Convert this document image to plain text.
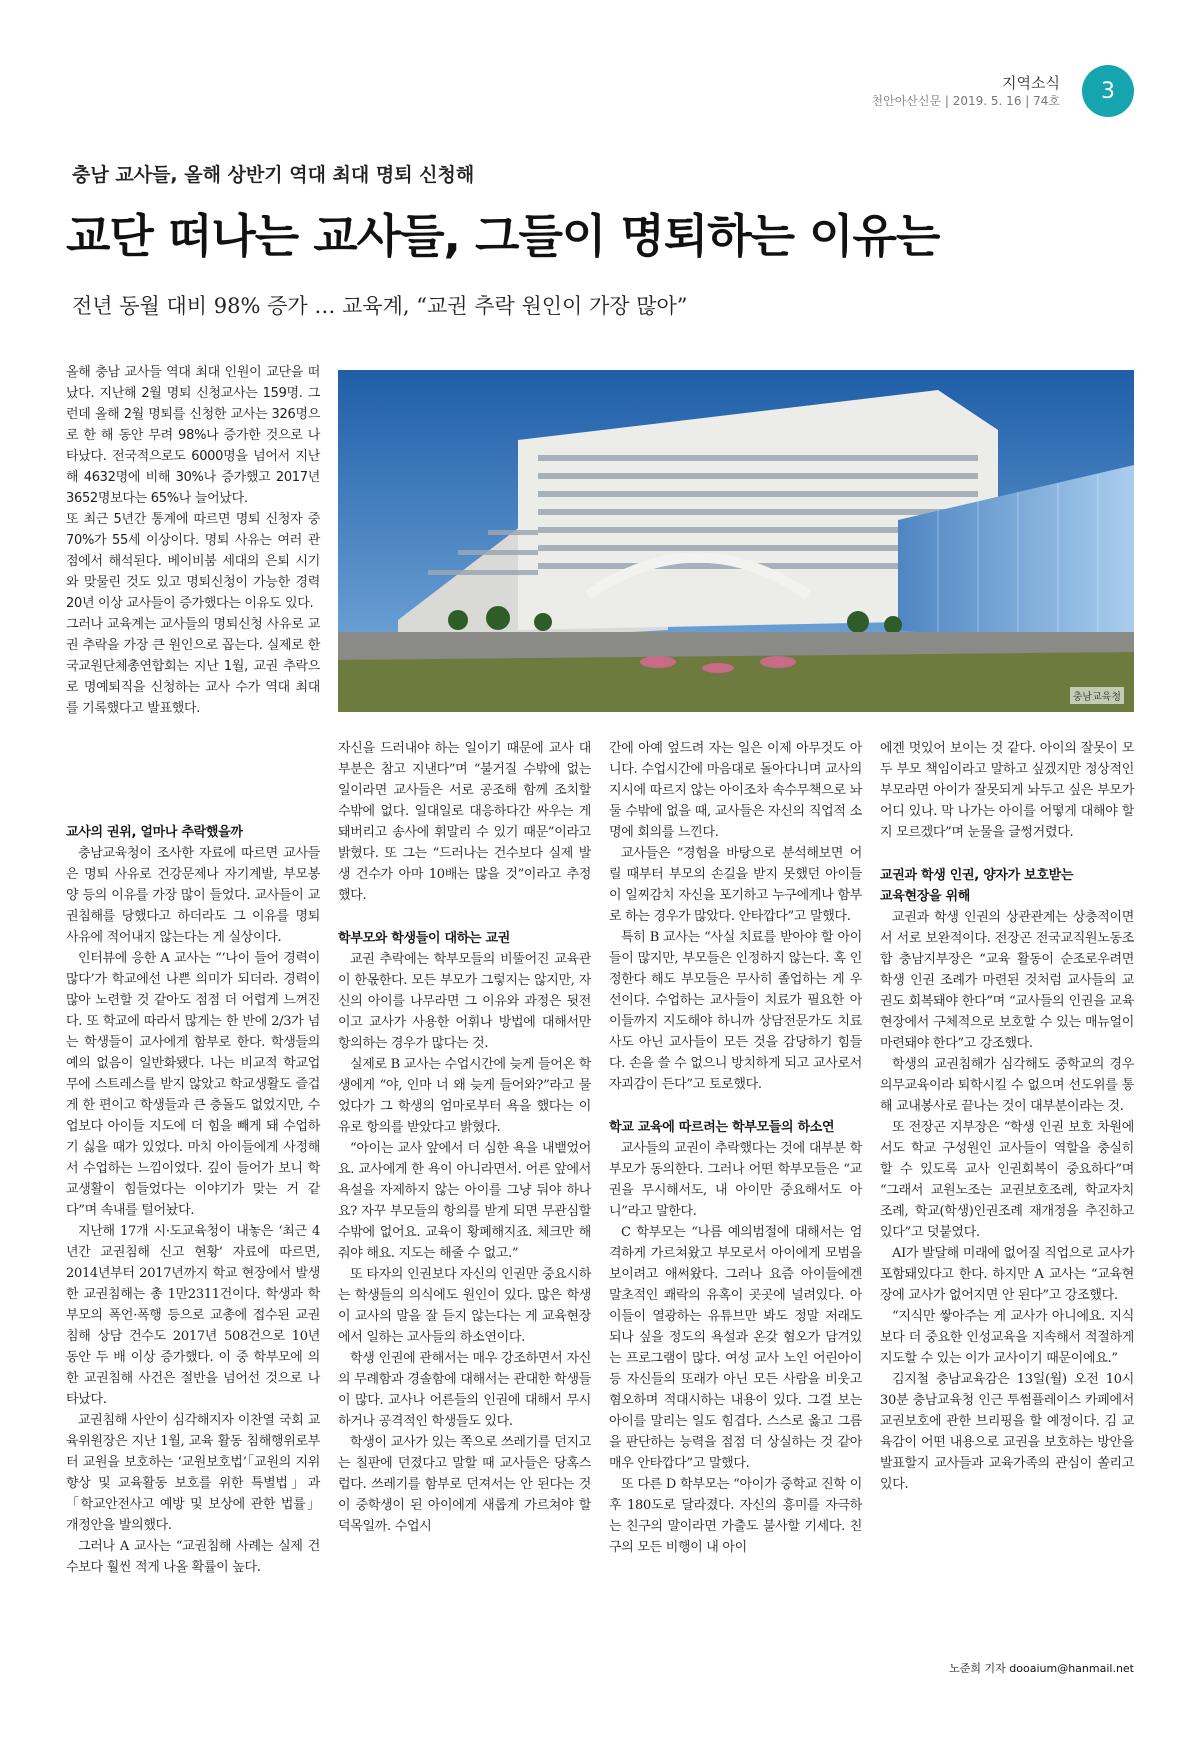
지역소식
천안아산신문 | 2019. 5. 16 | 74호	3
충남 교사들, 올해 상반기 역대 최대 명퇴 신청해
교단 떠나는 교사들, 그들이 명퇴하는 이유는
전년 동월 대비 98% 증가 … 교육계, “교권 추락 원인이 가장 많아”

올해 충남 교사들 역대 최대 인원이 교단을 떠났다. 지난해 2월 명퇴 신청교사는 159명. 그런데 올해 2월 명퇴를 신청한 교사는 326명으로 한 해 동안 무려 98%나 증가한 것으로 나타났다. 전국적으로도 6000명을 넘어서 지난해 4632명에 비해 30%나 증가했고 2017년 3652명보다는 65%나 늘어났다.

또 최근 5년간 통계에 따르면 명퇴 신청자 중 70%가 55세 이상이다. 명퇴 사유는 여러 관점에서 해석된다. 베이비붐 세대의 은퇴 시기와 맞물린 것도 있고 명퇴신청이 가능한 경력 20년 이상 교사들이 증가했다는 이유도 있다.

그러나 교육계는 교사들의 명퇴신청 사유로 교권 추락을 가장 큰 원인으로 꼽는다. 실제로 한국교원단체총연합회는 지난 1월, 교권 추락으로 명예퇴직을 신청하는 교사 수가 역대 최대를 기록했다고 발표했다.

충남교육청
교사의 권위, 얼마나 추락했을까

충남교육청이 조사한 자료에 따르면 교사들은 명퇴 사유로 건강문제나 자기계발, 부모봉양 등의 이유를 가장 많이 들었다. 교사들이 교권침해를 당했다고 하더라도 그 이유를 명퇴 사유에 적어내지 않는다는 게 실상이다.

인터뷰에 응한 A 교사는 “‘나이 들어 경력이 많다’가 학교에선 나쁜 의미가 되더라. 경력이 많아 노련할 것 같아도 점점 더 어렵게 느껴진다. 또 학교에 따라서 많게는 한 반에 2/3가 넘는 학생들이 교사에게 함부로 한다. 학생들의 예의 없음이 일반화됐다. 나는 비교적 학교업무에 스트레스를 받지 않았고 학교생활도 즐겁게 한 편이고 학생들과 큰 충돌도 없었지만, 수업보다 아이들 지도에 더 힘을 빼게 돼 수업하기 싫을 때가 있었다. 마치 아이들에게 사정해서 수업하는 느낌이었다. 깊이 들어가 보니 학교생활이 힘들었다는 이야기가 맞는 거 같다”며 속내를 털어놨다.

지난해 17개 시·도교육청이 내놓은 ‘최근 4년간 교권침해 신고 현황’ 자료에 따르면, 2014년부터 2017년까지 학교 현장에서 발생한 교권침해는 총 1만2311건이다. 학생과 학부모의 폭언·폭행 등으로 교총에 접수된 교권침해 상담 건수도 2017년 508건으로 10년 동안 두 배 이상 증가했다. 이 중 학부모에 의한 교권침해 사건은 절반을 넘어선 것으로 나타났다.

교권침해 사안이 심각해지자 이찬열 국회 교육위원장은 지난 1월, 교육 활동 침해행위로부터 교원을 보호하는 ‘교원보호법’「교원의 지위 향상 및 교육활동 보호를 위한 특별법」과 「학교안전사고 예방 및 보상에 관한 법률」 개정안을 발의했다.

그러나 A 교사는 “교권침해 사례는 실제 건수보다 훨씬 적게 나올 확률이 높다.

자신을 드러내야 하는 일이기 때문에 교사 대부분은 참고 지낸다”며 “불거질 수밖에 없는 일이라면 교사들은 서로 공조해 함께 조치할 수밖에 없다. 일대일로 대응하다간 싸우는 게 돼버리고 송사에 휘말리 수 있기 때문”이라고 밝혔다. 또 그는 “드러나는 건수보다 실제 발생 건수가 아마 10배는 많을 것”이라고 추정했다.

학부모와 학생들이 대하는 교권

교권 추락에는 학부모들의 비뚤어진 교육관이 한몫한다. 모든 부모가 그렇지는 않지만, 자신의 아이를 나무라면 그 이유와 과정은 뒷전이고 교사가 사용한 어휘나 방법에 대해서만 항의하는 경우가 많다는 것.

실제로 B 교사는 수업시간에 늦게 들어온 학생에게 “야, 인마 너 왜 늦게 들어와?”라고 물었다가 그 학생의 엄마로부터 욕을 했다는 이유로 항의를 받았다고 밝혔다.

“아이는 교사 앞에서 더 심한 욕을 내뱉었어요. 교사에게 한 욕이 아니라면서. 어른 앞에서 욕설을 자제하지 않는 아이를 그냥 둬야 하나요? 자꾸 부모들의 항의를 받게 되면 무관심할 수밖에 없어요. 교육이 황폐해지죠. 체크만 해줘야 해요. 지도는 해줄 수 없고.”

또 타자의 인권보다 자신의 인권만 중요시하는 학생들의 의식에도 원인이 있다. 많은 학생이 교사의 말을 잘 듣지 않는다는 게 교육현장에서 일하는 교사들의 하소연이다.

학생 인권에 관해서는 매우 강조하면서 자신의 무례함과 경솔함에 대해서는 관대한 학생들이 많다. 교사나 어른들의 인권에 대해서 무시하거나 공격적인 학생들도 있다.

학생이 교사가 있는 쪽으로 쓰레기를 던지고는 칠판에 던졌다고 말할 때 교사들은 당혹스럽다. 쓰레기를 함부로 던져서는 안 된다는 것이 중학생이 된 아이에게 새롭게 가르쳐야 할 덕목일까. 수업시

간에 아예 엎드려 자는 일은 이제 아무것도 아니다. 수업시간에 마음대로 돌아다니며 교사의 지시에 따르지 않는 아이조차 속수무책으로 놔둘 수밖에 없을 때, 교사들은 자신의 직업적 소명에 회의를 느낀다.

교사들은 “경험을 바탕으로 분석해보면 어릴 때부터 부모의 손길을 받지 못했던 아이들이 일찌감치 자신을 포기하고 누구에게나 함부로 하는 경우가 많았다. 안타깝다”고 말했다.

특히 B 교사는 “사실 치료를 받아야 할 아이들이 많지만, 부모들은 인정하지 않는다. 혹 인정한다 해도 부모들은 무사히 졸업하는 게 우선이다. 수업하는 교사들이 치료가 필요한 아이들까지 지도해야 하니까 상담전문가도 치료사도 아닌 교사들이 모든 것을 감당하기 힘들다. 손을 쓸 수 없으니 방치하게 되고 교사로서 자괴감이 든다”고 토로했다.

학교 교육에 따르려는 학부모들의 하소연

교사들의 교권이 추락했다는 것에 대부분 학부모가 동의한다. 그러나 어떤 학부모들은 “교권을 무시해서도, 내 아이만 중요해서도 아니”라고 말한다.

C 학부모는 “나름 예의범절에 대해서는 엄격하게 가르쳐왔고 부모로서 아이에게 모범을 보이려고 애써왔다. 그러나 요즘 아이들에겐 말초적인 쾌락의 유혹이 곳곳에 널려있다. 아이들이 열광하는 유튜브만 봐도 정말 저래도 되나 싶을 정도의 욕설과 온갖 혐오가 담겨있는 프로그램이 많다. 여성 교사 노인 어린아이 등 자신들의 또래가 아닌 모든 사람을 비웃고 혐오하며 적대시하는 내용이 있다. 그걸 보는 아이를 말리는 일도 힘겹다. 스스로 옳고 그름을 판단하는 능력을 점점 더 상실하는 것 같아 매우 안타깝다”고 말했다.

또 다른 D 학부모는 “아이가 중학교 진학 이후 180도로 달라졌다. 자신의 흥미를 자극하는 친구의 말이라면 가출도 불사할 기세다. 친구의 모든 비행이 내 아이

에겐 멋있어 보이는 것 같다. 아이의 잘못이 모두 부모 책임이라고 말하고 싶겠지만 정상적인 부모라면 아이가 잘못되게 놔두고 싶은 부모가 어디 있나. 막 나가는 아이를 어떻게 대해야 할지 모르겠다”며 눈물을 글썽거렸다.

교권과 학생 인권, 양자가 보호받는
교육현장을 위해

교권과 학생 인권의 상관관계는 상충적이면서 서로 보완적이다. 전장곤 전국교직원노동조합 충남지부장은 “교육 활동이 순조로우려면 학생 인권 조례가 마련된 것처럼 교사들의 교권도 회복돼야 한다”며 “교사들의 인권을 교육현장에서 구체적으로 보호할 수 있는 매뉴얼이 마련돼야 한다”고 강조했다.

학생의 교권침해가 심각해도 중학교의 경우 의무교육이라 퇴학시킬 수 없으며 선도위를 통해 교내봉사로 끝나는 것이 대부분이라는 것.

또 전장곤 지부장은 “학생 인권 보호 차원에서도 학교 구성원인 교사들이 역할을 충실히 할 수 있도록 교사 인권회복이 중요하다”며 “그래서 교원노조는 교권보호조례, 학교자치조례, 학교(학생)인권조례 재개정을 추진하고 있다”고 덧붙였다.

AI가 발달해 미래에 없어질 직업으로 교사가 포함돼있다고 한다. 하지만 A 교사는 “교육현장에 교사가 없어지면 안 된다”고 강조했다.

“지식만 쌓아주는 게 교사가 아니에요. 지식보다 더 중요한 인성교육을 지속해서 적절하게 지도할 수 있는 이가 교사이기 때문이에요.”

김지철 충남교육감은 13일(월) 오전 10시 30분 충남교육청 인근 투썸플레이스 카페에서 교권보호에 관한 브리핑을 할 예정이다. 김 교육감이 어떤 내용으로 교권을 보호하는 방안을 발표할지 교사들과 교육가족의 관심이 쏠리고 있다.

노준희 기자 dooaium@hanmail.net
